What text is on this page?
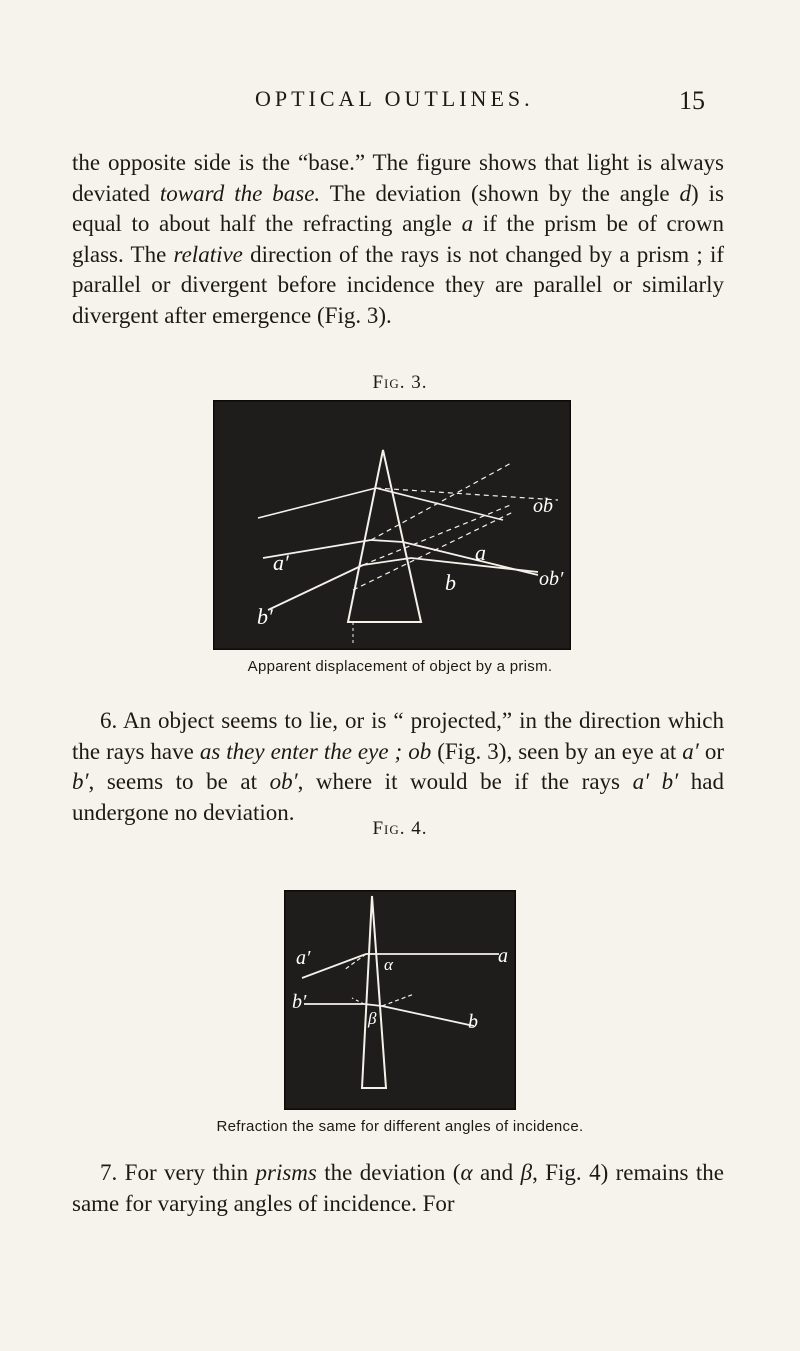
OPTICAL OUTLINES.	15

the opposite side is the “base.” The figure shows that light is always deviated toward the base. The deviation (shown by the angle d) is equal to about half the refracting angle a if the prism be of crown glass. The relative direction of the rays is not changed by a prism ; if parallel or divergent before incidence they are parallel or similarly divergent after emergence (Fig. 3).

Fig. 3.
a′
b′
a
b
ob
ob′
Apparent displacement of object by a prism.

6. An object seems to lie, or is “ projected,” in the direction which the rays have as they enter the eye ; ob (Fig. 3), seen by an eye at a′ or b′, seems to be at ob′, where it would be if the rays a′ b′ had undergone no deviation.

Fig. 4.
a′
b′
a
b
α
β
Refraction the same for different angles of incidence.

7. For very thin prisms the deviation (α and β, Fig. 4) remains the same for varying angles of incidence. For
